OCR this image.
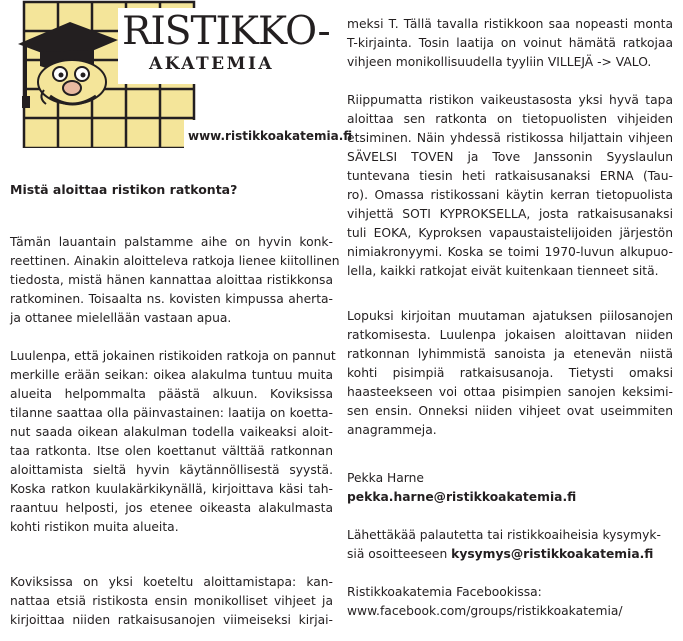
RISTIKKO-
AKATEMIA
www.ristikkoakatemia.fi
Mistä aloittaa ristikon ratkonta?
Tämän lauantain palstamme aihe on hyvin konk-
reettinen. Ainakin aloitteleva ratkoja lienee kiitollinen
tiedosta, mistä hänen kannattaa aloittaa ristikkonsa
ratkominen. Toisaalta ns. kovisten kimpussa aherta-
ja ottanee mielellään vastaan apua.
Luulenpa, että jokainen ristikoiden ratkoja on pannut
merkille erään seikan: oikea alakulma tuntuu muita
alueita helpommalta päästä alkuun. Koviksissa
tilanne saattaa olla päinvastainen: laatija on koetta-
nut saada oikean alakulman todella vaikeaksi aloit-
taa ratkonta. Itse olen koettanut välttää ratkonnan
aloittamista sieltä hyvin käytännöllisestä syystä.
Koska ratkon kuulakärkikynällä, kirjoittava käsi tah-
raantuu helposti, jos etenee oikeasta alakulmasta
kohti ristikon muita alueita.
Koviksissa on yksi koeteltu aloittamistapa: kan-
nattaa etsiä ristikosta ensin monikolliset vihjeet ja
kirjoittaa niiden ratkaisusanojen viimeiseksi kirjai-
meksi T. Tällä tavalla ristikkoon saa nopeasti monta
T-kirjainta. Tosin laatija on voinut hämätä ratkojaa
vihjeen monikollisuudella tyyliin VILLEJÄ -> VALO.
Riippumatta ristikon vaikeustasosta yksi hyvä tapa
aloittaa sen ratkonta on tietopuolisten vihjeiden
etsiminen. Näin yhdessä ristikossa hiljattain vihjeen
SÄVELSI TOVEN ja Tove Janssonin Syyslaulun
tuntevana tiesin heti ratkaisusanaksi ERNA (Tau-
ro). Omassa ristikossani käytin kerran tietopuolista
vihjettä SOTI KYPROKSELLA, josta ratkaisusanaksi
tuli EOKA, Kyproksen vapaustaistelijoiden järjestön
nimiakronyymi. Koska se toimi 1970-luvun alkupuo-
lella, kaikki ratkojat eivät kuitenkaan tienneet sitä.
Lopuksi kirjoitan muutaman ajatuksen piilosanojen
ratkomisesta. Luulenpa jokaisen aloittavan niiden
ratkonnan lyhimmistä sanoista ja etenevän niistä
kohti pisimpiä ratkaisusanoja. Tietysti omaksi
haasteekseen voi ottaa pisimpien sanojen keksimi-
sen ensin. Onneksi niiden vihjeet ovat useimmiten
anagrammeja.
Pekka Harne
pekka.harne@ristikkoakatemia.fi
Lähettäkää palautetta tai ristikkoaiheisia kysymyk-
siä osoitteeseen kysymys@ristikkoakatemia.fi
Ristikkoakatemia Facebookissa:
www.facebook.com/groups/ristikkoakatemia/
